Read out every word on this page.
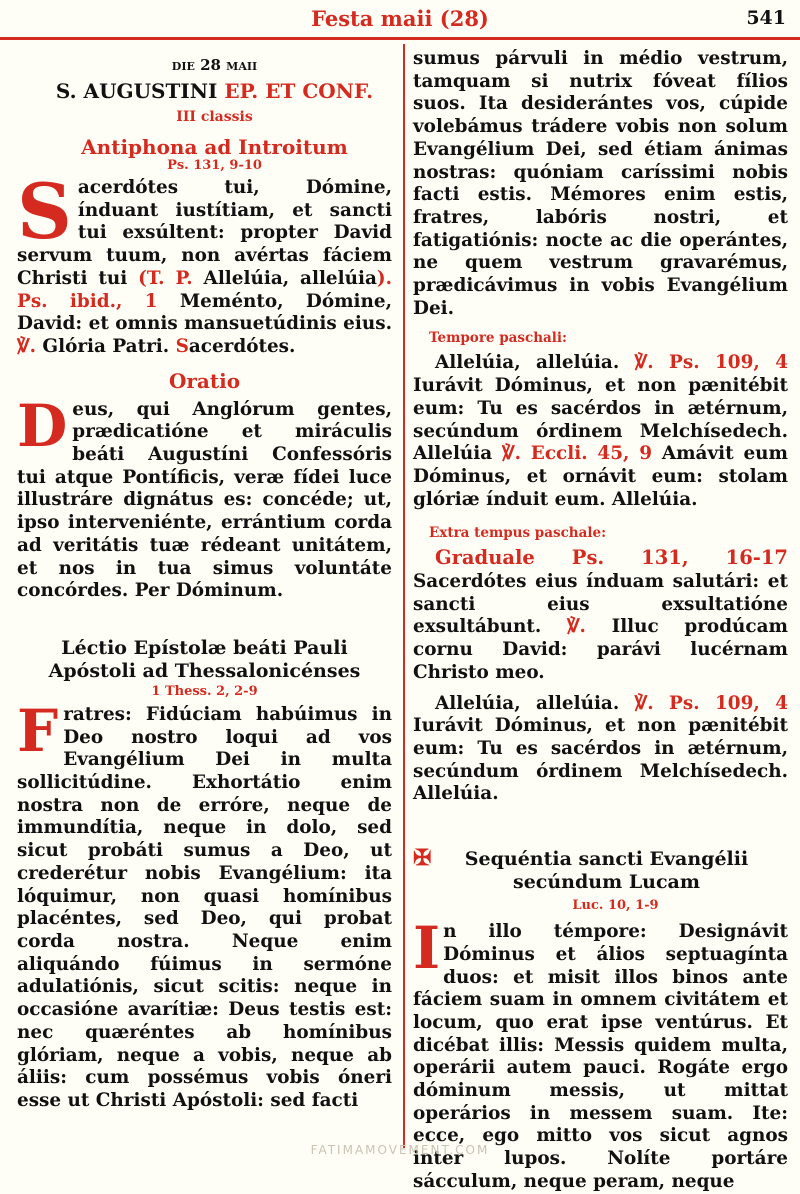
Festa maii (28)	541
die 28 maii
S. AUGUSTINI EP. ET CONF.
III classis
Antiphona ad Introitum
Ps. 131, 9-10

Sacerdótes tui, Dómine, índuant iustítiam, et sancti tui exsúltent: propter David servum tuum, non avértas fáciem Christi tui (T. P. Allelúia, allelúia). Ps. ibid., 1 Meménto, Dómine, David: et omnis mansuetúdinis eius. ℣. Glória Patri. Sacerdótes.

Oratio

Deus, qui Anglórum gentes, prædicatióne et miráculis beáti Augustíni Confessóris tui atque Pontíficis, veræ fídei luce illustráre dignátus es: concéde; ut, ipso interveniénte, errántium corda ad veritátis tuæ rédeant unitátem, et nos in tua simus voluntáte concórdes. Per Dóminum.

Léctio Epístolæ beáti Pauli Apóstoli ad Thessalonicénses
1 Thess. 2, 2-9

Fratres: Fidúciam habúimus in Deo nostro loqui ad vos Evangélium Dei in multa sollicitúdine. Exhortátio enim nostra non de erróre, neque de immundítia, neque in dolo, sed sicut probáti sumus a Deo, ut crederétur nobis Evangélium: ita lóquimur, non quasi homínibus placéntes, sed Deo, qui probat corda nostra. Neque enim aliquándo fúimus in sermóne adulatiónis, sicut scitis: neque in occasióne avarítiæ: Deus testis est: nec quæréntes ab homínibus glóriam, neque a vobis, neque ab áliis: cum possémus vobis óneri esse ut Christi Apóstoli: sed facti

sumus párvuli in médio vestrum, tamquam si nutrix fóveat fílios suos. Ita desiderántes vos, cúpide volebámus trádere vobis non solum Evangélium Dei, sed étiam ánimas nostras: quóniam caríssimi nobis facti estis. Mémores enim estis, fratres, labóris nostri, et fatigatiónis: nocte ac die operántes, ne quem vestrum gravarémus, prædicávimus in vobis Evangélium Dei.

Tempore paschali:

Allelúia, allelúia. ℣. Ps. 109, 4 Iurávit Dóminus, et non pænitébit eum: Tu es sacérdos in ætérnum, secúndum órdinem Melchísedech. Allelúia ℣. Eccli. 45, 9 Amávit eum Dóminus, et ornávit eum: stolam glóriæ índuit eum. Allelúia.

Extra tempus paschale:

Graduale Ps. 131, 16-17 Sacerdótes eius índuam salutári: et sancti eius exsultatióne exsultábunt. ℣. Illuc prodúcam cornu David: parávi lucérnam Christo meo.

Allelúia, allelúia. ℣. Ps. 109, 4 Iurávit Dóminus, et non pænitébit eum: Tu es sacérdos in ætérnum, secúndum órdinem Melchísedech. Allelúia.

✠ Sequéntia sancti Evangélii secúndum Lucam
Luc. 10, 1-9

In illo témpore: Designávit Dóminus et álios septuagínta duos: et misit illos binos ante fáciem suam in omnem civitátem et locum, quo erat ipse ventúrus. Et dicébat illis: Messis quidem multa, operárii autem pauci. Rogáte ergo dóminum messis, ut mittat operários in messem suam. Ite: ecce, ego mitto vos sicut agnos inter lupos. Nolíte portáre sácculum, neque peram, neque

FATIMAMOVEMENT.COM
